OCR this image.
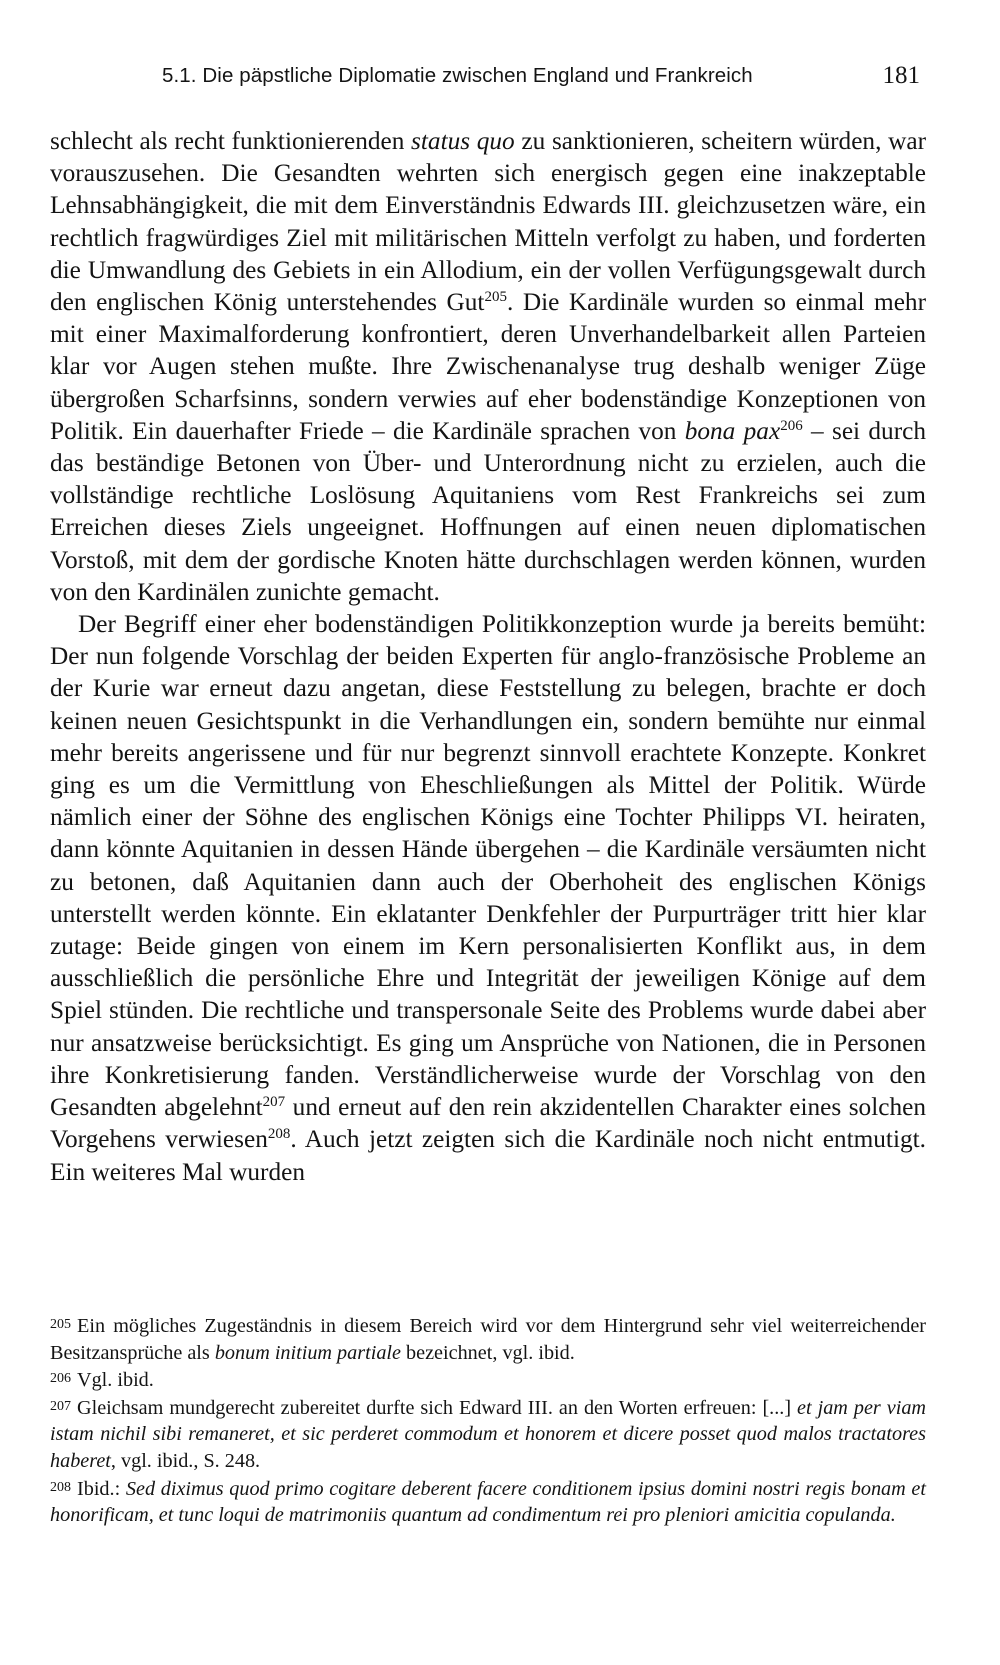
5.1. Die päpstliche Diplomatie zwischen England und Frankreich	181

schlecht als recht funktionierenden status quo zu sanktionieren, scheitern würden, war vorauszusehen. Die Gesandten wehrten sich energisch gegen eine inakzeptable Lehnsabhängigkeit, die mit dem Einverständnis Edwards III. gleichzusetzen wäre, ein rechtlich fragwürdiges Ziel mit militärischen Mitteln verfolgt zu haben, und forderten die Umwandlung des Gebiets in ein Allodium, ein der vollen Verfügungsgewalt durch den englischen König unterstehendes Gut$^{205}$. Die Kardinäle wurden so einmal mehr mit einer Maximalforderung konfrontiert, deren Unverhandelbarkeit allen Parteien klar vor Augen stehen mußte. Ihre Zwischenanalyse trug deshalb weniger Züge übergroßen Scharfsinns, sondern verwies auf eher bodenständige Konzeptionen von Politik. Ein dauerhafter Friede – die Kardinäle sprachen von bona pax$^{206}$ – sei durch das beständige Betonen von Über- und Unterordnung nicht zu erzielen, auch die vollständige rechtliche Loslösung Aquitaniens vom Rest Frankreichs sei zum Erreichen dieses Ziels ungeeignet. Hoffnungen auf einen neuen diplomatischen Vorstoß, mit dem der gordische Knoten hätte durchschlagen werden können, wurden von den Kardinälen zunichte gemacht.

Der Begriff einer eher bodenständigen Politikkonzeption wurde ja bereits bemüht: Der nun folgende Vorschlag der beiden Experten für anglo-französische Probleme an der Kurie war erneut dazu angetan, diese Feststellung zu belegen, brachte er doch keinen neuen Gesichtspunkt in die Verhandlungen ein, sondern bemühte nur einmal mehr bereits angerissene und für nur begrenzt sinnvoll erachtete Konzepte. Konkret ging es um die Vermittlung von Eheschließungen als Mittel der Politik. Würde nämlich einer der Söhne des englischen Königs eine Tochter Philipps VI. heiraten, dann könnte Aquitanien in dessen Hände übergehen – die Kardinäle versäumten nicht zu betonen, daß Aquitanien dann auch der Oberhoheit des englischen Königs unterstellt werden könnte. Ein eklatanter Denkfehler der Purpurträger tritt hier klar zutage: Beide gingen von einem im Kern personalisierten Konflikt aus, in dem ausschließlich die persönliche Ehre und Integrität der jeweiligen Könige auf dem Spiel stünden. Die rechtliche und transpersonale Seite des Problems wurde dabei aber nur ansatzweise berücksichtigt. Es ging um Ansprüche von Nationen, die in Personen ihre Konkretisierung fanden. Verständlicherweise wurde der Vorschlag von den Gesandten abgelehnt$^{207}$ und erneut auf den rein akzidentellen Charakter eines solchen Vorgehens verwiesen$^{208}$. Auch jetzt zeigten sich die Kardinäle noch nicht entmutigt. Ein weiteres Mal wurden

205 Ein mögliches Zugeständnis in diesem Bereich wird vor dem Hintergrund sehr viel weiterreichender Besitzansprüche als bonum initium partiale bezeichnet, vgl. ibid.

206 Vgl. ibid.

207 Gleichsam mundgerecht zubereitet durfte sich Edward III. an den Worten erfreuen: [...] et jam per viam istam nichil sibi remaneret, et sic perderet commodum et honorem et dicere posset quod malos tractatores haberet, vgl. ibid., S. 248.

208 Ibid.: Sed diximus quod primo cogitare deberent facere conditionem ipsius domini nostri regis bonam et honorificam, et tunc loqui de matrimoniis quantum ad condimentum rei pro pleniori amicitia copulanda.
